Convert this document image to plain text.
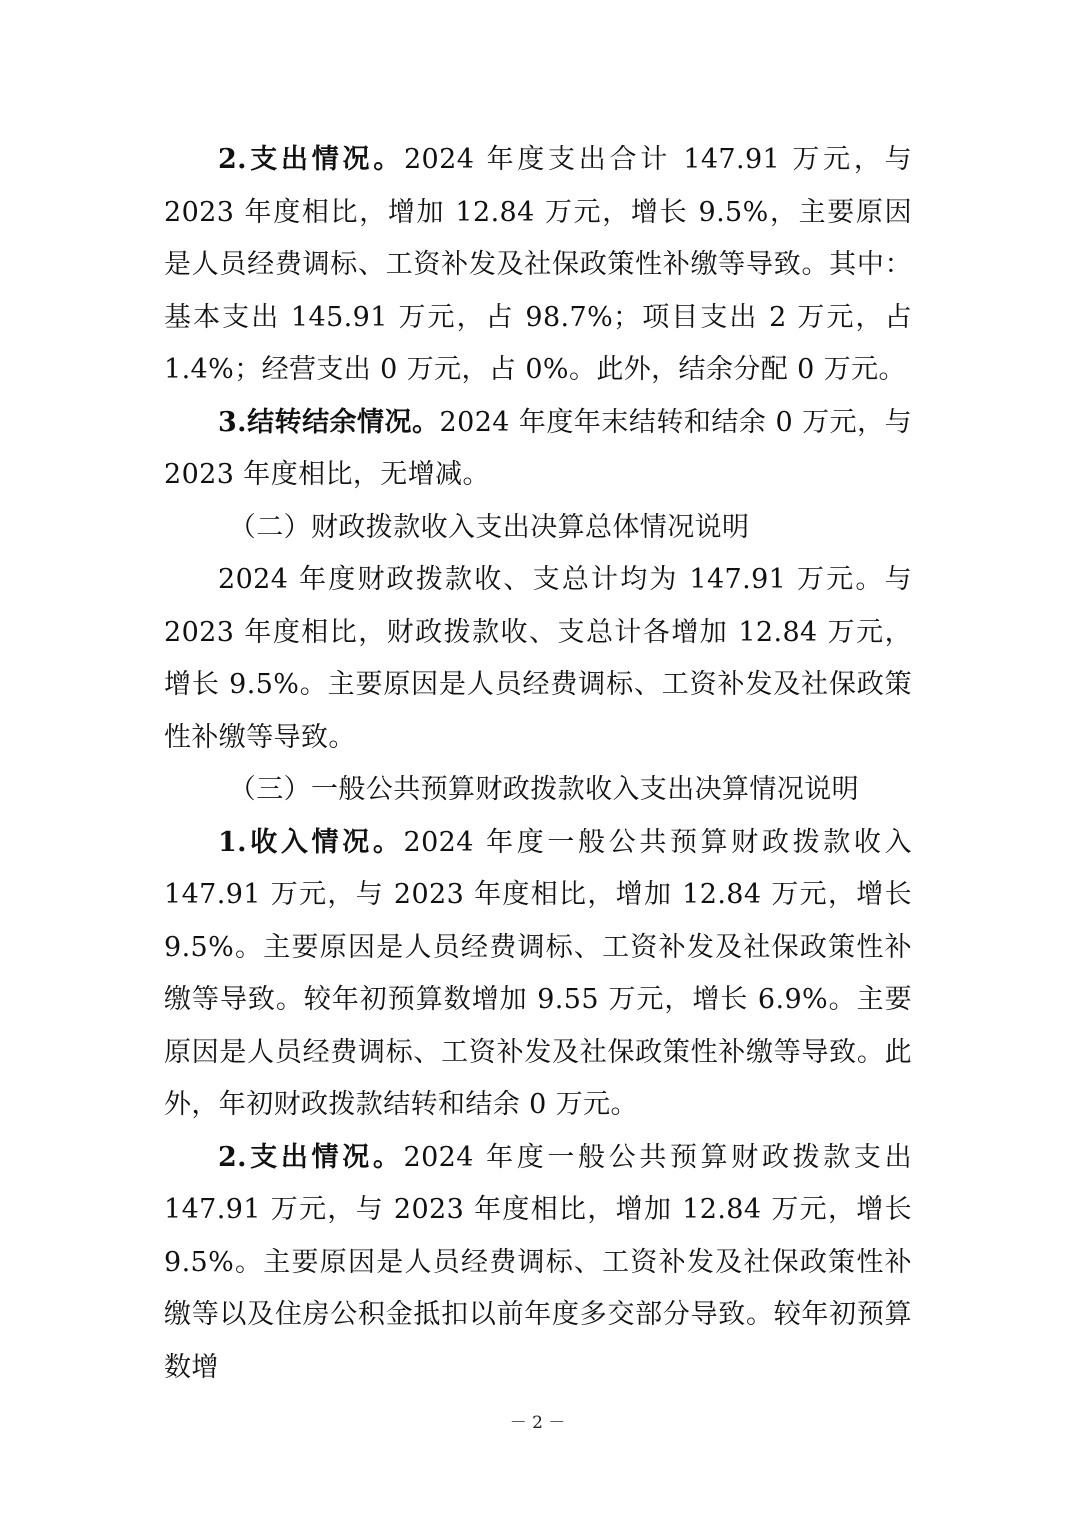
2.支出情况。2024 年度支出合计 147.91 万元，与 2023 年度相比，增加 12.84 万元，增长 9.5%，主要原因是人员经费调标、工资补发及社保政策性补缴等导致。其中：基本支出 145.91 万元，占 98.7%；项目支出 2 万元，占 1.4%；经营支出 0 万元，占 0%。此外，结余分配 0 万元。

3.结转结余情况。2024 年度年末结转和结余 0 万元，与 2023 年度相比，无增减。

（二）财政拨款收入支出决算总体情况说明

2024 年度财政拨款收、支总计均为 147.91 万元。与 2023 年度相比，财政拨款收、支总计各增加 12.84 万元，增长 9.5%。主要原因是人员经费调标、工资补发及社保政策性补缴等导致。

（三）一般公共预算财政拨款收入支出决算情况说明

1.收入情况。2024 年度一般公共预算财政拨款收入 147.91 万元，与 2023 年度相比，增加 12.84 万元，增长 9.5%。主要原因是人员经费调标、工资补发及社保政策性补缴等导致。较年初预算数增加 9.55 万元，增长 6.9%。主要原因是人员经费调标、工资补发及社保政策性补缴等导致。此外，年初财政拨款结转和结余 0 万元。

2.支出情况。2024 年度一般公共预算财政拨款支出 147.91 万元，与 2023 年度相比，增加 12.84 万元，增长 9.5%。主要原因是人员经费调标、工资补发及社保政策性补缴等以及住房公积金抵扣以前年度多交部分导致。较年初预算数增

－ 2 －
